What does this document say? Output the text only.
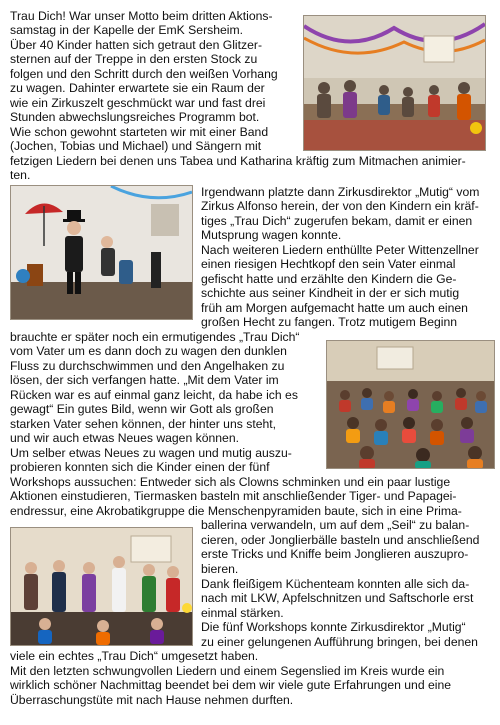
Trau Dich! War unser Motto beim dritten Aktions-
samstag in der Kapelle der EmK Sersheim.
Über 40 Kinder hatten sich getraut den Glitzer-
sternen auf der Treppe in den ersten Stock zu
folgen und den Schritt durch den weißen Vorhang
zu wagen. Dahinter erwartete sie ein Raum der
wie ein Zirkuszelt geschmückt war und fast drei
Stunden abwechslungsreiches Programm bot.
Wie schon gewohnt starteten wir mit einer Band
(Jochen, Tobias und Michael) und Sängern mit
fetzigen Liedern bei denen uns Tabea und Katharina kräftig zum Mitmachen animier-
ten.
Irgendwann platzte dann Zirkusdirektor „Mutig“ vom
Zirkus Alfonso herein, der von den Kindern ein kräf-
tiges „Trau Dich“ zugerufen bekam, damit er einen
Mutsprung wagen konnte.
Nach weiteren Liedern enthüllte Peter Wittenzellner
einen riesigen Hechtkopf den sein Vater einmal
gefischt hatte und erzählte den Kindern die Ge-
schichte aus seiner Kindheit in der er sich mutig
früh am Morgen aufgemacht hatte um auch einen
großen Hecht zu fangen. Trotz mutigem Beginn
brauchte er später noch ein ermutigendes „Trau Dich“
vom Vater um es dann doch zu wagen den dunklen
Fluss zu durchschwimmen und den Angelhaken zu
lösen, der sich verfangen hatte. „Mit dem Vater im
Rücken war es auf einmal ganz leicht, da habe ich es
gewagt“ Ein gutes Bild, wenn wir Gott als großen
starken Vater sehen können, der hinter uns steht,
und wir auch etwas Neues wagen können.
Um selber etwas Neues zu wagen und mutig auszu-
probieren konnten sich die Kinder einen der fünf
Workshops aussuchen: Entweder sich als Clowns schminken und ein paar lustige
Aktionen einstudieren, Tiermasken basteln mit anschließender Tiger- und Papagei-
endressur, eine Akrobatikgruppe die Menschenpyramiden baute, sich in eine Prima-
ballerina verwandeln, um auf dem „Seil“ zu balan-
cieren, oder Jonglierbälle basteln und anschließend
erste Tricks und Kniffe beim Jonglieren auszupro-
bieren.
Dank fleißigem Küchenteam konnten alle sich da-
nach mit LKW, Apfelschnitzen und Saftschorle erst
einmal stärken.
Die fünf Workshops konnte Zirkusdirektor „Mutig“
zu einer gelungenen Aufführung bringen, bei denen
viele ein echtes „Trau Dich“ umgesetzt haben.
Mit den letzten schwungvollen Liedern und einem Segenslied im Kreis wurde ein
wirklich schöner Nachmittag beendet bei dem wir viele gute Erfahrungen und eine
Überraschungstüte mit nach Hause nehmen durften.
